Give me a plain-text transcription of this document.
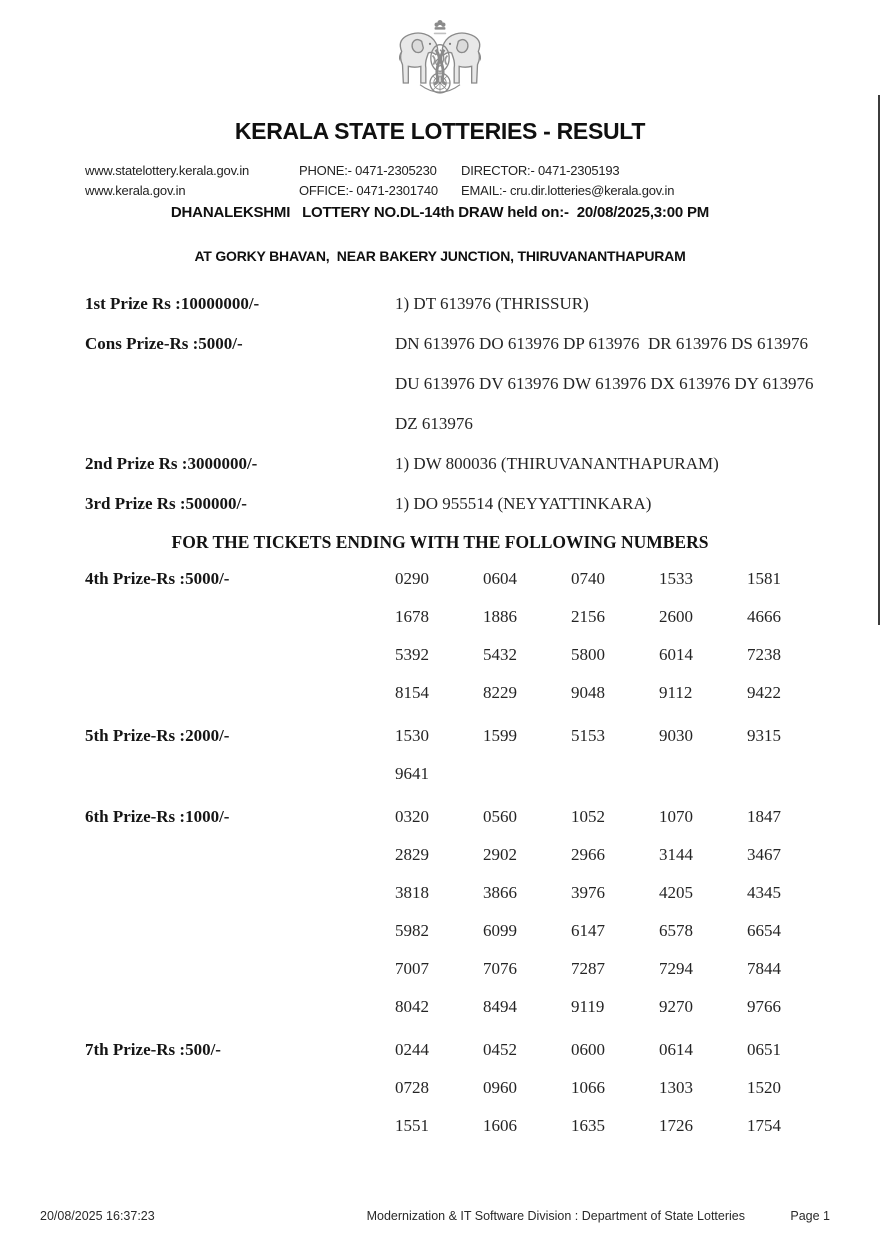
KERALA STATE LOTTERIES - RESULT
www.statelottery.kerala.gov.in	PHONE:- 0471-2305230	DIRECTOR:- 0471-2305193
www.kerala.gov.in	OFFICE:- 0471-2301740	EMAIL:- cru.dir.lotteries@kerala.gov.in
DHANALEKSHMI   LOTTERY NO.DL-14th DRAW held on:-  20/08/2025,3:00 PM
AT GORKY BHAVAN,  NEAR BAKERY JUNCTION, THIRUVANANTHAPURAM
1st Prize Rs :10000000/-	1) DT 613976 (THRISSUR)
Cons Prize-Rs :5000/-	DN 613976 DO 613976 DP 613976  DR 613976 DS 613976
DU 613976 DV 613976 DW 613976 DX 613976 DY 613976
DZ 613976
2nd Prize Rs :3000000/-	1) DW 800036 (THIRUVANANTHAPURAM)
3rd Prize Rs :500000/-	1) DO 955514 (NEYYATTINKARA)
FOR THE TICKETS ENDING WITH THE FOLLOWING NUMBERS
4th Prize-Rs :5000/-	0290	0604	0740	1533	1581
1678	1886	2156	2600	4666
5392	5432	5800	6014	7238
8154	8229	9048	9112	9422
5th Prize-Rs :2000/-	1530	1599	5153	9030	9315
9641
6th Prize-Rs :1000/-	0320	0560	1052	1070	1847
2829	2902	2966	3144	3467
3818	3866	3976	4205	4345
5982	6099	6147	6578	6654
7007	7076	7287	7294	7844
8042	8494	9119	9270	9766
7th Prize-Rs :500/-	0244	0452	0600	0614	0651
0728	0960	1066	1303	1520
1551	1606	1635	1726	1754
20/08/2025 16:37:23	Modernization & IT Software Division : Department of State Lotteries	Page 1
